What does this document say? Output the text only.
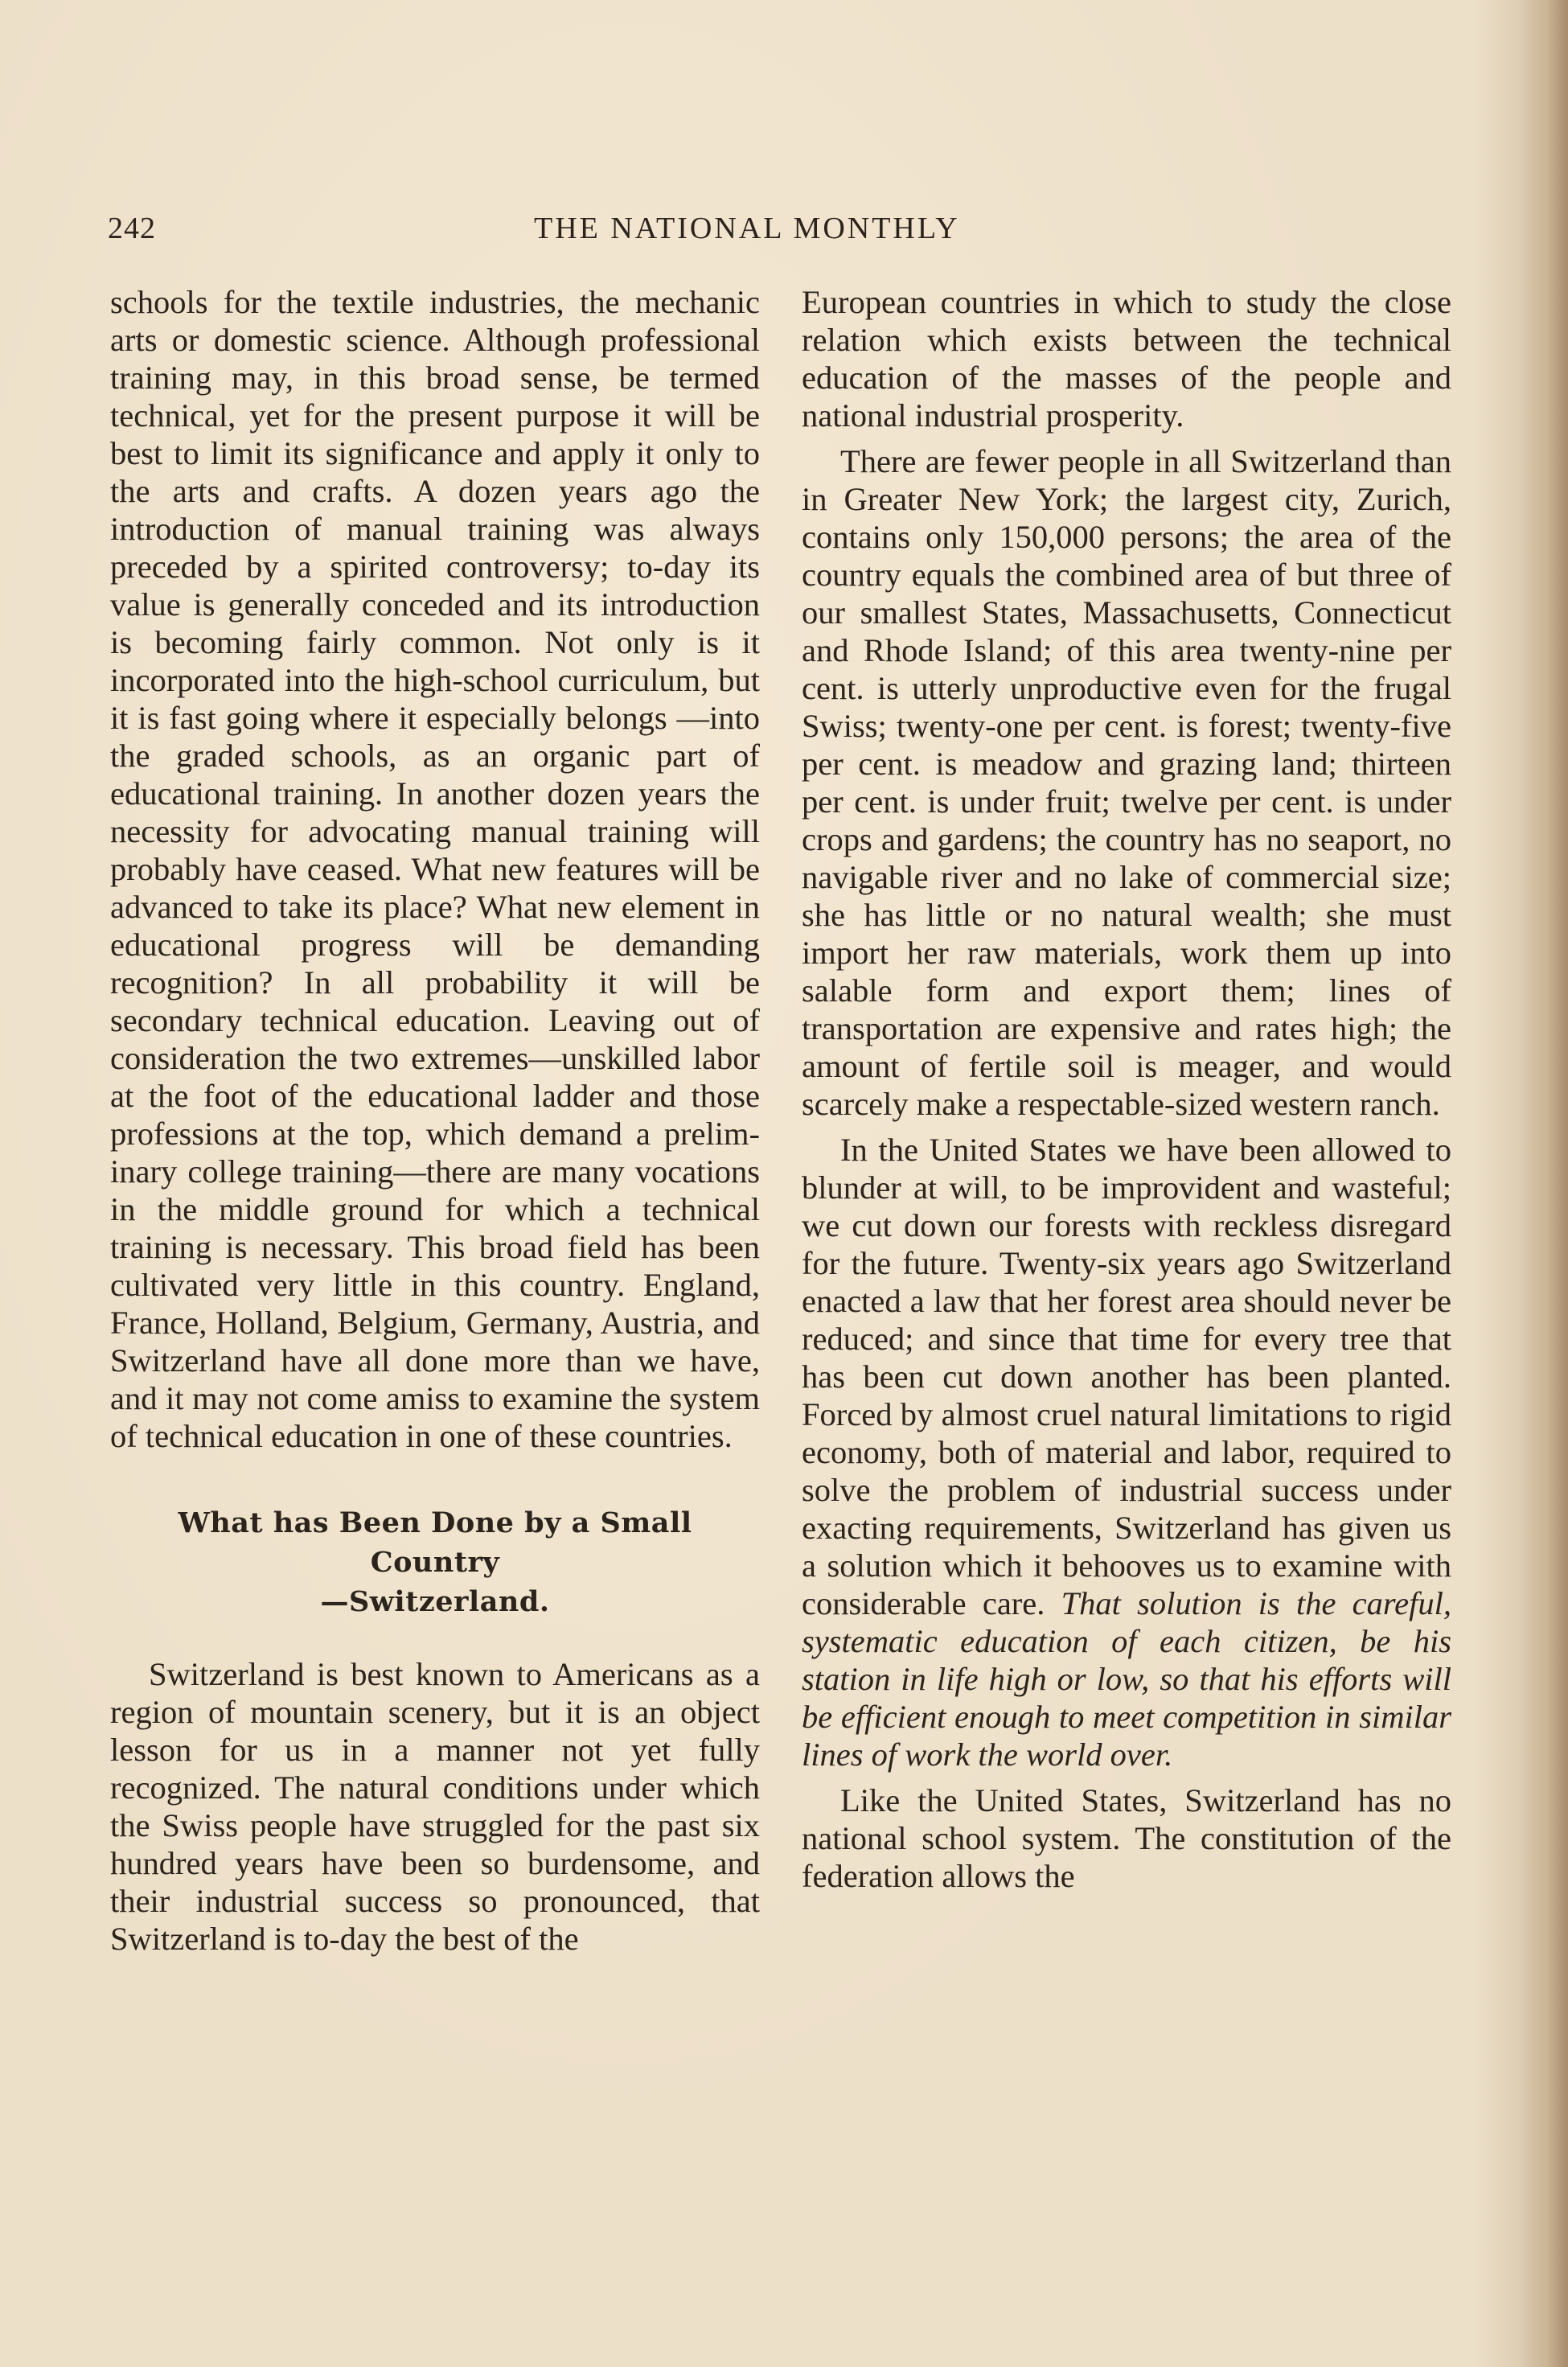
242	THE NATIONAL MONTHLY

schools for the textile industries, the mechanic arts or domestic science. Although professional training may, in this broad sense, be termed technical, yet for the present purpose it will be best to limit its significance and apply it only to the arts and crafts. A dozen years ago the introduction of manual training was always preceded by a spirited controversy; to-day its value is generally conceded and its introduction is becoming fairly common. Not only is it incorporated into the high-school curriculum, but it is fast going where it especially belongs —into the graded schools, as an organic part of educational training. In another dozen years the necessity for advocating manual training will probably have ceased. What new features will be advanced to take its place? What new element in educational progress will be demanding recognition? In all probability it will be secondary technical education. Leaving out of consideration the two extremes—unskilled labor at the foot of the educational ladder and those professions at the top, which demand a preliminary college training—there are many vocations in the middle ground for which a technical training is necessary. This broad field has been cultivated very little in this country. England, France, Holland, Belgium, Germany, Austria, and Switzerland have all done more than we have, and it may not come amiss to examine the system of technical education in one of these countries.

What has Been Done by a Small Country
—Switzerland.

Switzerland is best known to Americans as a region of mountain scenery, but it is an object lesson for us in a manner not yet fully recognized. The natural conditions under which the Swiss people have struggled for the past six hundred years have been so burdensome, and their industrial success so pronounced, that Switzerland is to-day the best of the

European countries in which to study the close relation which exists between the technical education of the masses of the people and national industrial prosperity.

There are fewer people in all Switzerland than in Greater New York; the largest city, Zurich, contains only 150,000 persons; the area of the country equals the combined area of but three of our smallest States, Massachusetts, Connecticut and Rhode Island; of this area twenty-nine per cent. is utterly unproductive even for the frugal Swiss; twenty-one per cent. is forest; twenty-five per cent. is meadow and grazing land; thirteen per cent. is under fruit; twelve per cent. is under crops and gardens; the country has no seaport, no navigable river and no lake of commercial size; she has little or no natural wealth; she must import her raw materials, work them up into salable form and export them; lines of transportation are expensive and rates high; the amount of fertile soil is meager, and would scarcely make a respectable-sized western ranch.

In the United States we have been allowed to blunder at will, to be improvident and wasteful; we cut down our forests with reckless disregard for the future. Twenty-six years ago Switzerland enacted a law that her forest area should never be reduced; and since that time for every tree that has been cut down another has been planted. Forced by almost cruel natural limitations to rigid economy, both of material and labor, required to solve the problem of industrial success under exacting requirements, Switzerland has given us a solution which it behooves us to examine with considerable care. That solution is the careful, systematic education of each citizen, be his station in life high or low, so that his efforts will be efficient enough to meet competition in similar lines of work the world over.

Like the United States, Switzerland has no national school system. The constitution of the federation allows the
